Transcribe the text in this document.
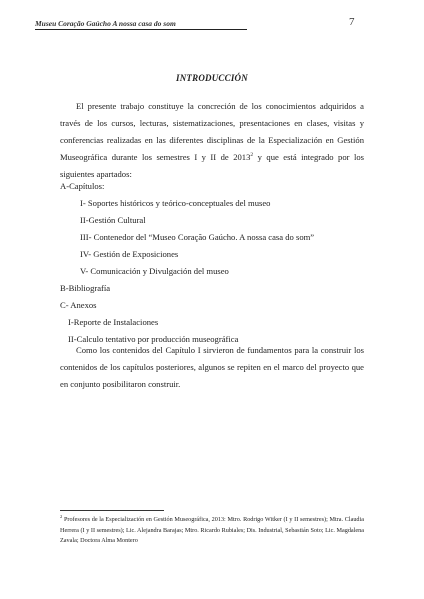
Museu Coração Gaúcho A nossa casa do som	7
INTRODUCCIÓN
El presente trabajo constituye la concreción de los conocimientos adquiridos a través de los cursos, lecturas, sistematizaciones, presentaciones en clases, visitas y conferencias realizadas en las diferentes disciplinas de la Especialización en Gestión Museográfica durante los semestres I y II de 2013$^2$ y que está integrado por los siguientes apartados:
A-Capítulos:
I- Soportes históricos y teórico-conceptuales del museo
II-Gestión Cultural
III- Contenedor del “Museo Coração Gaúcho. A nossa casa do som”
IV- Gestión de Exposiciones
V- Comunicación y Divulgación del museo
B-Bibliografía
C- Anexos
I-Reporte de Instalaciones
II-Calculo tentativo por producción museográfica
Como los contenidos del Capítulo I sirvieron de fundamentos para la construir los contenidos de los capítulos posteriores, algunos se repiten en el marco del proyecto que en conjunto posibilitaron construir.
$^2$ Profesores de la Especialización en Gestión Museográfica, 2013: Mtro. Rodrigo Witker (I y II semestres); Mtra. Claudia Herrera (I y II semestres); Lic. Alejandra Barajas; Mtro. Ricardo Rubiales; Dis. Industrial, Sebastián Soto; Lic. Magdalena Zavala; Doctora Alma Montero
